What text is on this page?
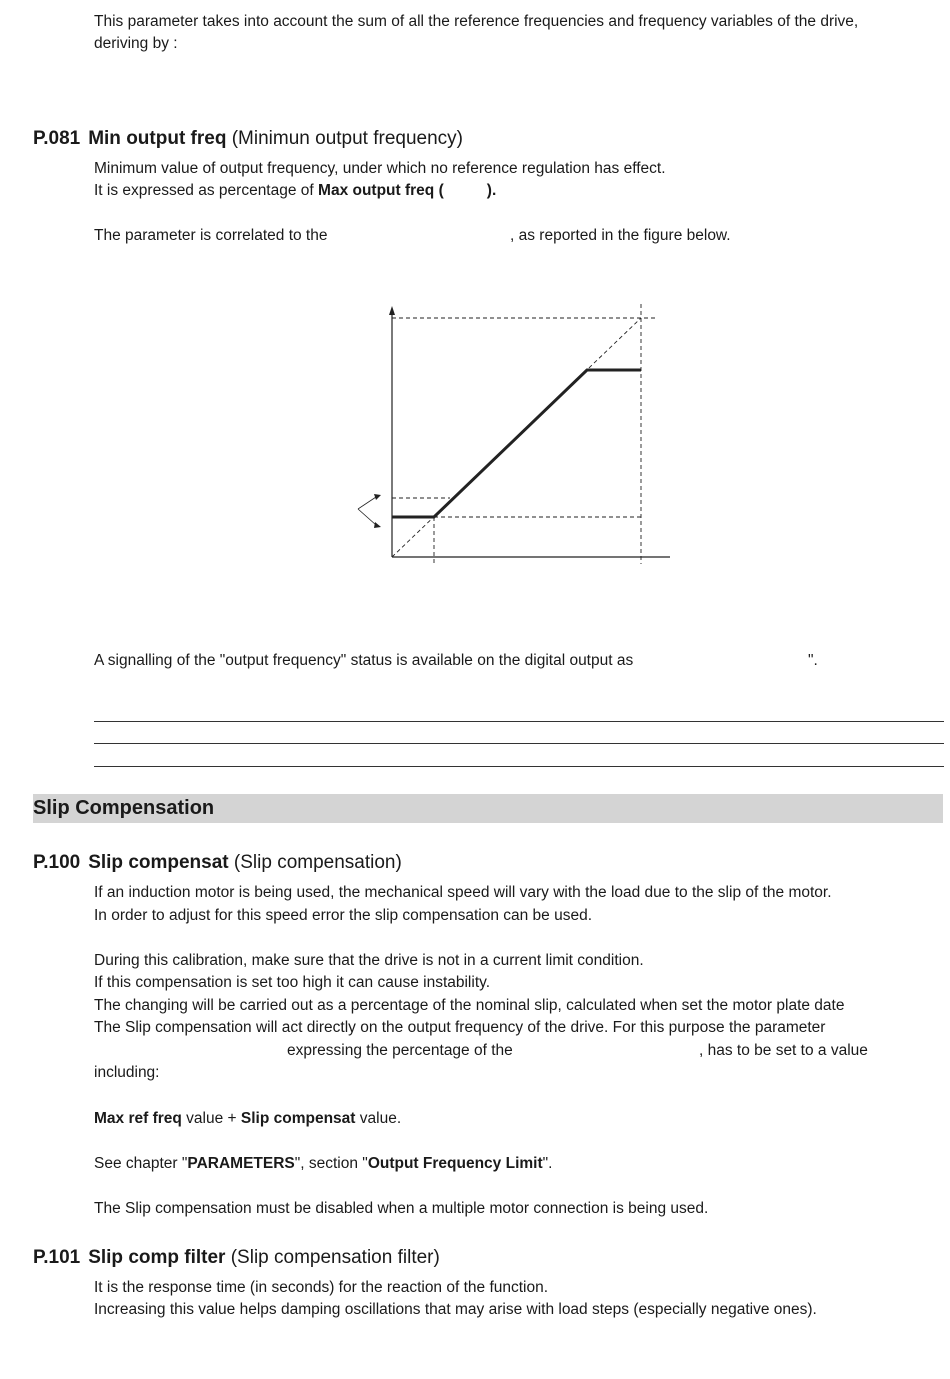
This parameter takes into account the sum of all the reference frequencies and frequency variables of the drive,
deriving by :
P.081 Min output freq (Minimun output frequency)
Minimum value of output frequency, under which no reference regulation has effect.
It is expressed as percentage of Max output freq (          ).
The parameter is correlated to the	, as reported in the figure below.
A signalling of the "output frequency" status is available on the digital output as	".
Slip Compensation
P.100 Slip compensat (Slip compensation)
If an induction motor is being used, the mechanical speed will vary with the load due to the slip of the motor.
In order to adjust for this speed error the slip compensation can be used.
During this calibration, make sure that the drive is not in a current limit condition.
If this compensation is set too high it can cause instability.
The changing will be carried out as a percentage of the nominal slip, calculated when set the motor plate date
The Slip compensation will act directly on the output frequency of the drive. For this purpose the parameter
expressing the percentage of the	, has to be set to a value
including:
Max ref freq value + Slip compensat value.
See chapter "PARAMETERS", section "Output Frequency Limit".
The Slip compensation must be disabled when a multiple motor connection is being used.
P.101 Slip comp filter (Slip compensation filter)
It is the response time (in seconds) for the reaction of the function.
Increasing this value helps damping oscillations that may arise with load steps (especially negative ones).
